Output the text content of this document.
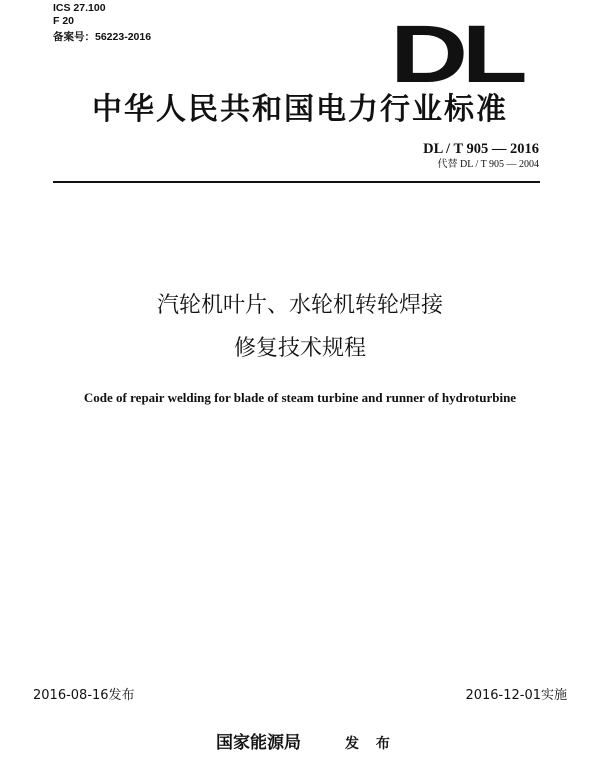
ICS 27.100
F 20
备案号：56223-2016	DL
中华人民共和国电力行业标准
DL / T 905 — 2016
代替 DL / T 905 — 2004
汽轮机叶片、水轮机转轮焊接
修复技术规程
Code of repair welding for blade of steam turbine and runner of hydroturbine
2016-08-16发布	2016-12-01实施
国家能源局	发 布
